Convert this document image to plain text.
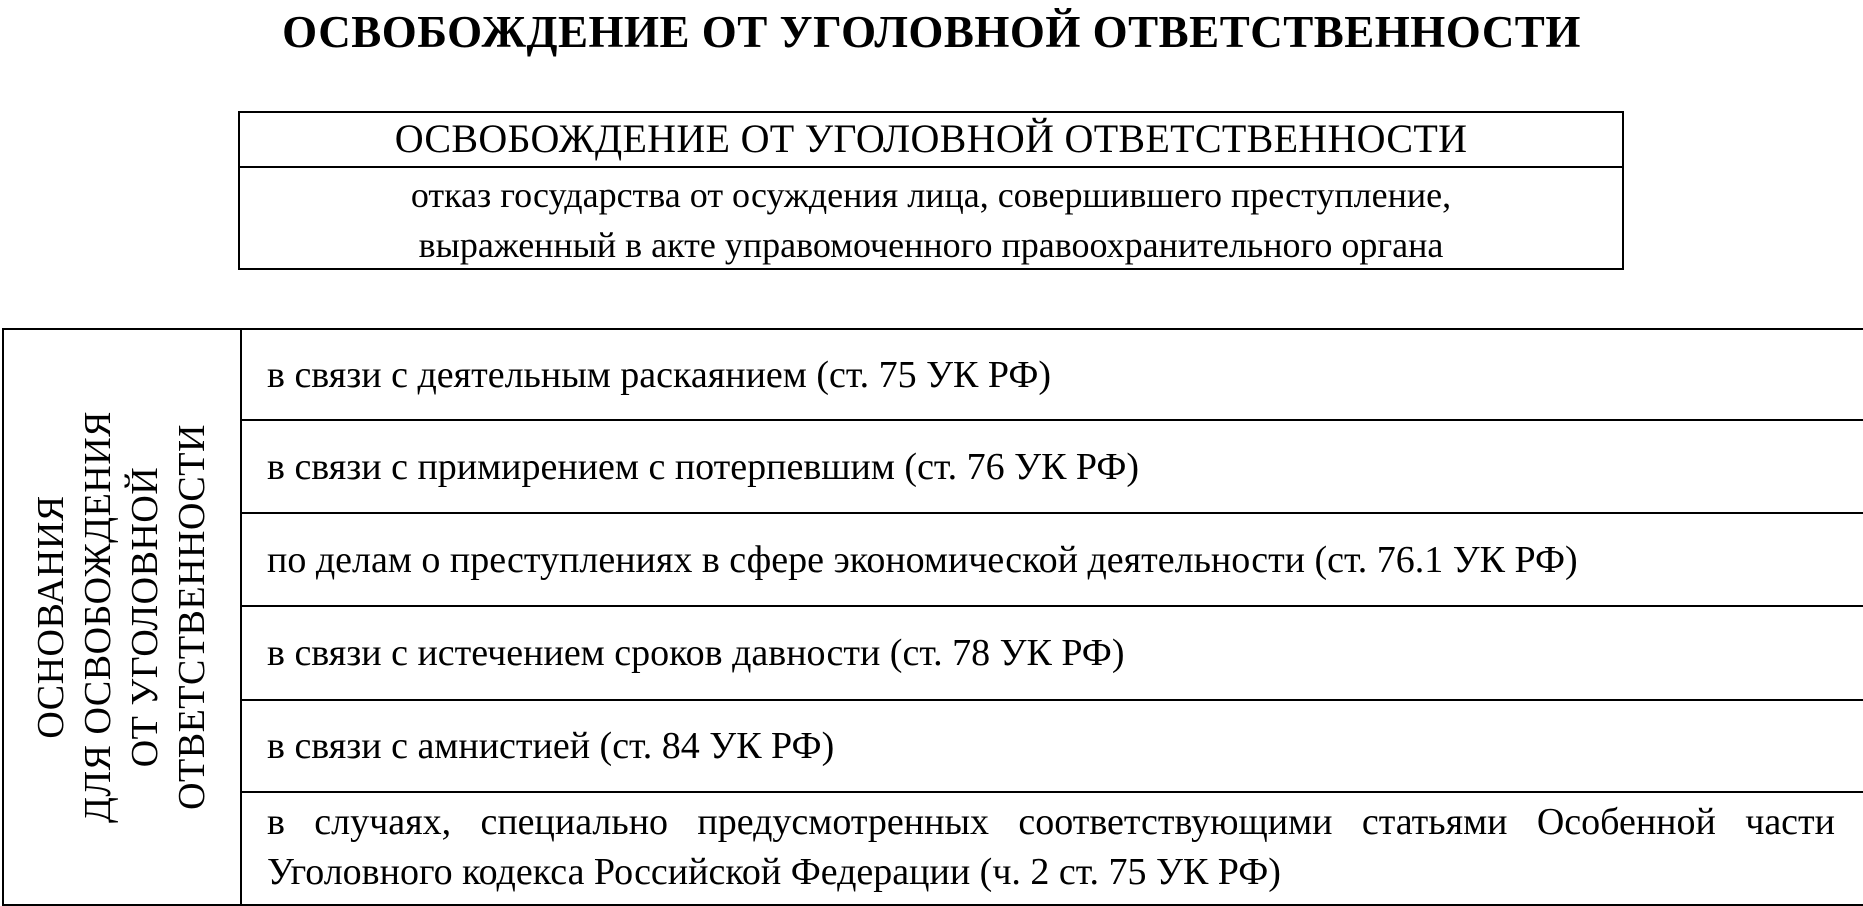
ОСВОБОЖДЕНИЕ ОТ УГОЛОВНОЙ ОТВЕТСТВЕННОСТИ
ОСВОБОЖДЕНИЕ ОТ УГОЛОВНОЙ ОТВЕТСТВЕННОСТИ
отказ государства от осуждения лица, совершившего преступление,
выраженный в акте управомоченного правоохранительного органа
ОСНОВАНИЯ ДЛЯ ОСВОБОЖДЕНИЯ ОТ УГОЛОВНОЙ ОТВЕТСТВЕННОСТИ
в связи с деятельным раскаянием (ст. 75 УК РФ)
в связи с примирением с потерпевшим (ст. 76 УК РФ)
по делам о преступлениях в сфере экономической деятельности (ст. 76.1 УК РФ)
в связи с истечением сроков давности (ст. 78 УК РФ)
в связи с амнистией (ст. 84 УК РФ)
в случаях, специально предусмотренных соответствующими статьями Особенной части Уголовного кодекса Российской Федерации (ч. 2 ст. 75 УК РФ)
